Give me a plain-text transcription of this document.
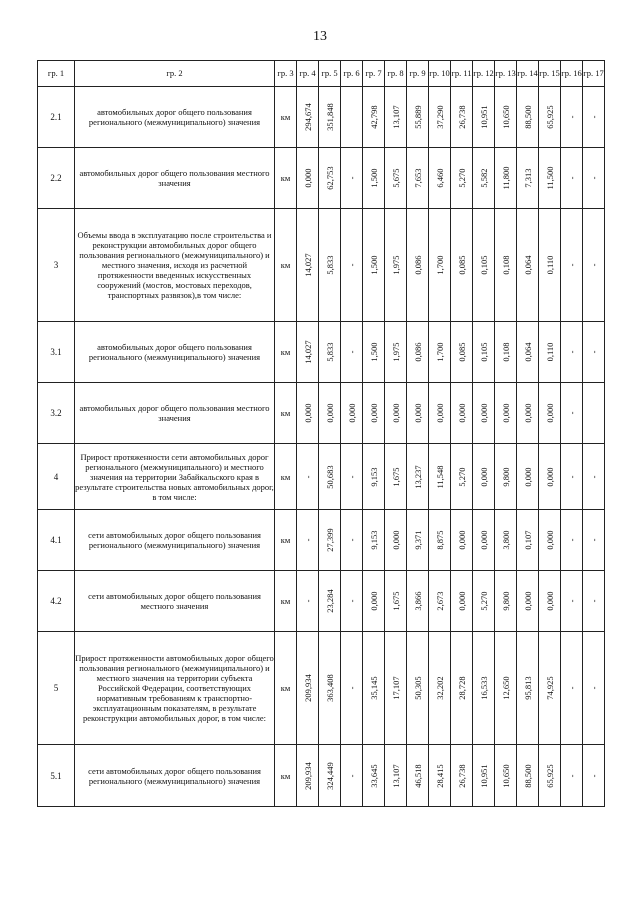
13
гр. 1	гр. 2	гр. 3	гр. 4	гр. 5	гр. 6	гр. 7	гр. 8	гр. 9	гр. 10	гр. 11	гр. 12	гр. 13	гр. 14	гр. 15	гр. 16	гр. 17
2.1	автомобильных дорог общего пользования регионального (межмуниципального) значения	км	294,674	351,848		42,798	13,107	55,889	37,290	26,738	10,951	10,650	88,500	65,925	-	-

2.2	автомобильных дорог общего пользования местного значения	км	0,000	62,753	-	1,500	5,675	7,653	6,460	5,270	5,582	11,800	7,313	11,500	-	-

3	Объемы ввода в эксплуатацию после строительства и реконструкции автомобильных дорог общего пользования регионального (межмуниципального) и местного значения, исходя из расчетной протяженности введенных искусственных сооружений (мостов, мостовых переходов, транспортных развязок),в том числе:	км	14,027	5,833	-	1,500	1,975	0,086	1,700	0,085	0,105	0,108	0,064	0,110	-	-

3.1	автомобильных дорог общего пользования регионального (межмуниципального) значения	км	14,027	5,833	-	1,500	1,975	0,086	1,700	0,085	0,105	0,108	0,064	0,110	-	-

3.2	автомобильных дорог общего пользования местного значения	км	0,000	0,000	0,000	0,000	0,000	0,000	0,000	0,000	0,000	0,000	0,000	0,000	-	

4	Прирост протяженности сети автомобильных дорог регионального (межмуниципального) и местного значения на территории Забайкальского края в результате строительства новых автомобильных дорог, в том числе:	км	-	50,683	-	9,153	1,675	13,237	11,548	5,270	0,000	9,800	0,000	0,000	-	-

4.1	сети автомобильных дорог общего пользования регионального (межмуниципального) значения	км	-	27,399	-	9,153	0,000	9,371	8,875	0,000	0,000	3,800	0,107	0,000	-	-

4.2	сети автомобильных дорог общего пользования местного значения	км	-	23,284	-	0,000	1,675	3,866	2,673	0,000	5,270	9,800	0,000	0,000	-	-

5	Прирост протяженности автомобильных дорог общего пользования регионального (межмуниципального) и местного значения на территории субъекта Российской Федерации, соответствующих нормативным требованиям к транспортно-эксплуатационным показателям, в результате реконструкции автомобильных дорог, в том числе:	км	209,934	363,408	-	35,145	17,107	50,305	32,202	28,728	16,533	12,650	95,813	74,925	-	-

5.1	сети автомобильных дорог общего пользования регионального (межмуниципального) значения	км	209,934	324,449	-	33,645	13,107	46,518	28,415	26,738	10,951	10,650	88,500	65,925	-	-
